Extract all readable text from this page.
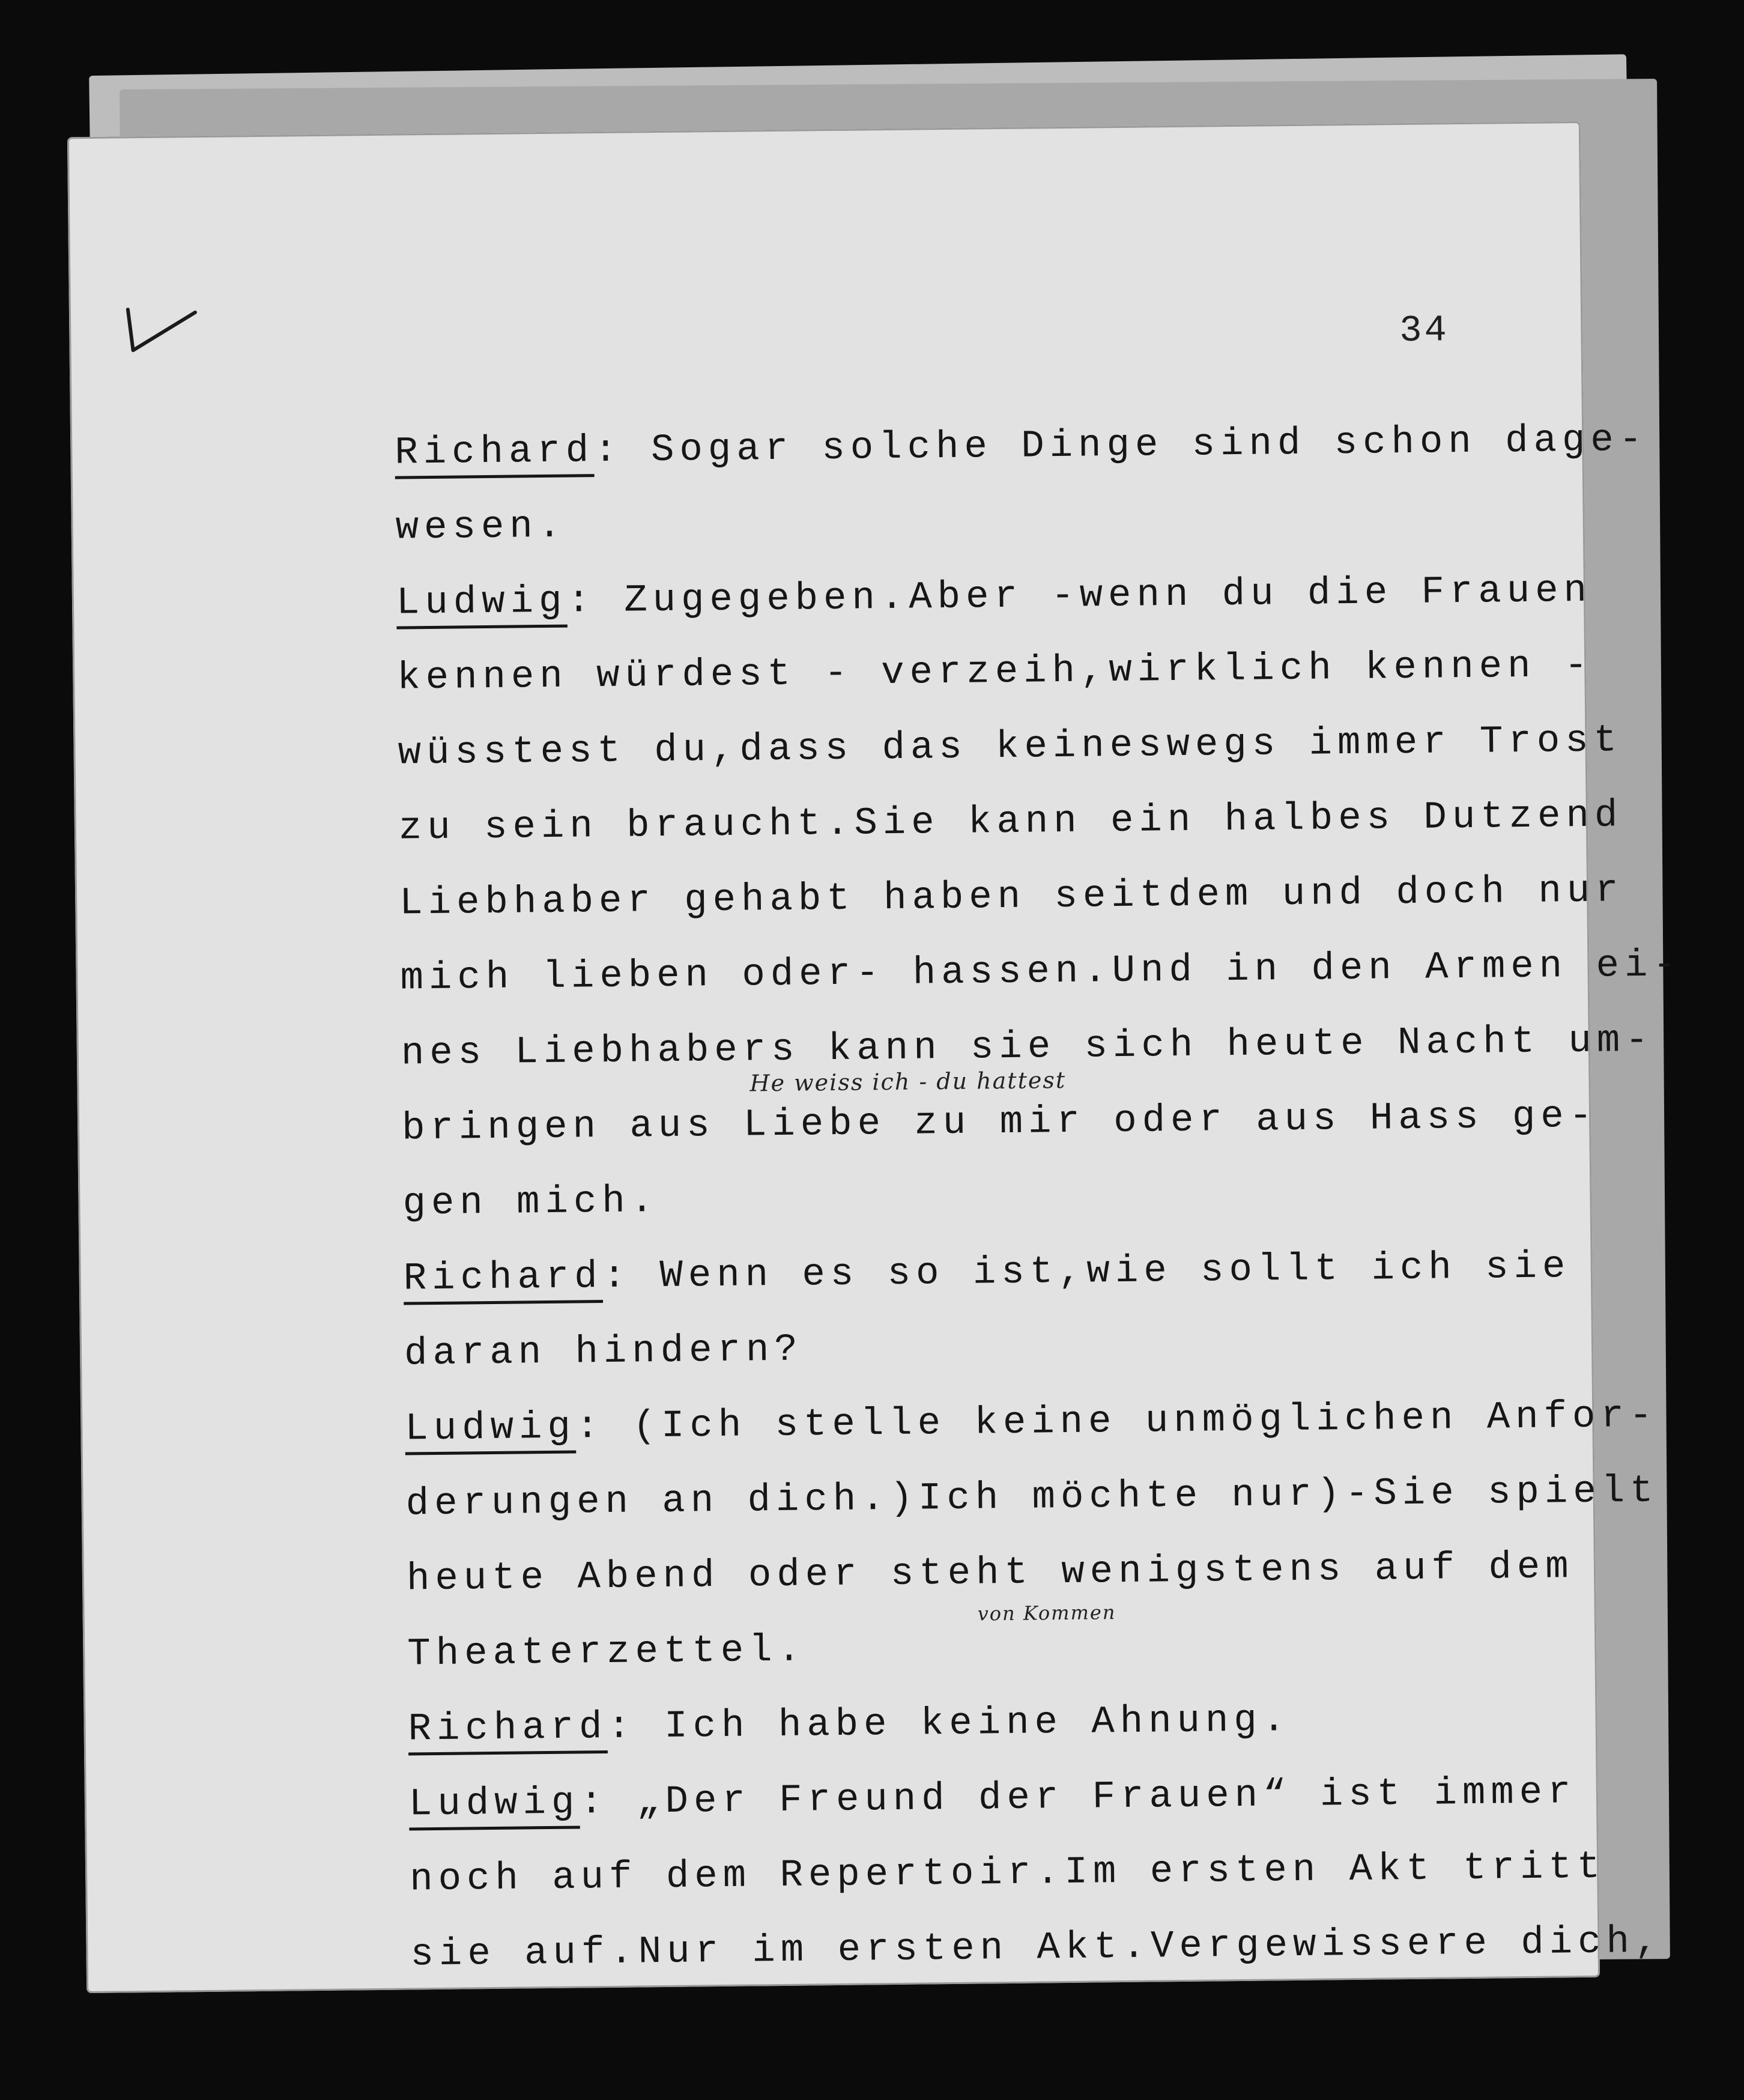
34
Richard: Sogar solche Dinge sind schon dage-
wesen.
Ludwig: Zugegeben.Aber -wenn du die Frauen
kennen würdest - verzeih,wirklich kennen -
wüsstest du,dass das keineswegs immer Trost
zu sein braucht.Sie kann ein halbes Dutzend
Liebhaber gehabt haben seitdem und doch nur
mich lieben oder- hassen.Und in den Armen ei-
nes Liebhabers kann sie sich heute Nacht um-
bringen aus Liebe zu mir oder aus Hass ge-
gen mich.
Richard: Wenn es so ist,wie sollt ich sie
daran hindern?
Ludwig: (Ich stelle keine unmöglichen Anfor-
derungen an dich.)Ich möchte nur)-Sie spielt
heute Abend oder steht wenigstens auf dem
Theaterzettel.
Richard: Ich habe keine Ahnung.
Ludwig: „Der Freund der Frauen“ ist immer
noch auf dem Repertoir.Im ersten Akt tritt
sie auf.Nur im ersten Akt.Vergewissere dich,
He weiss ich - du hattest
von Kommen
